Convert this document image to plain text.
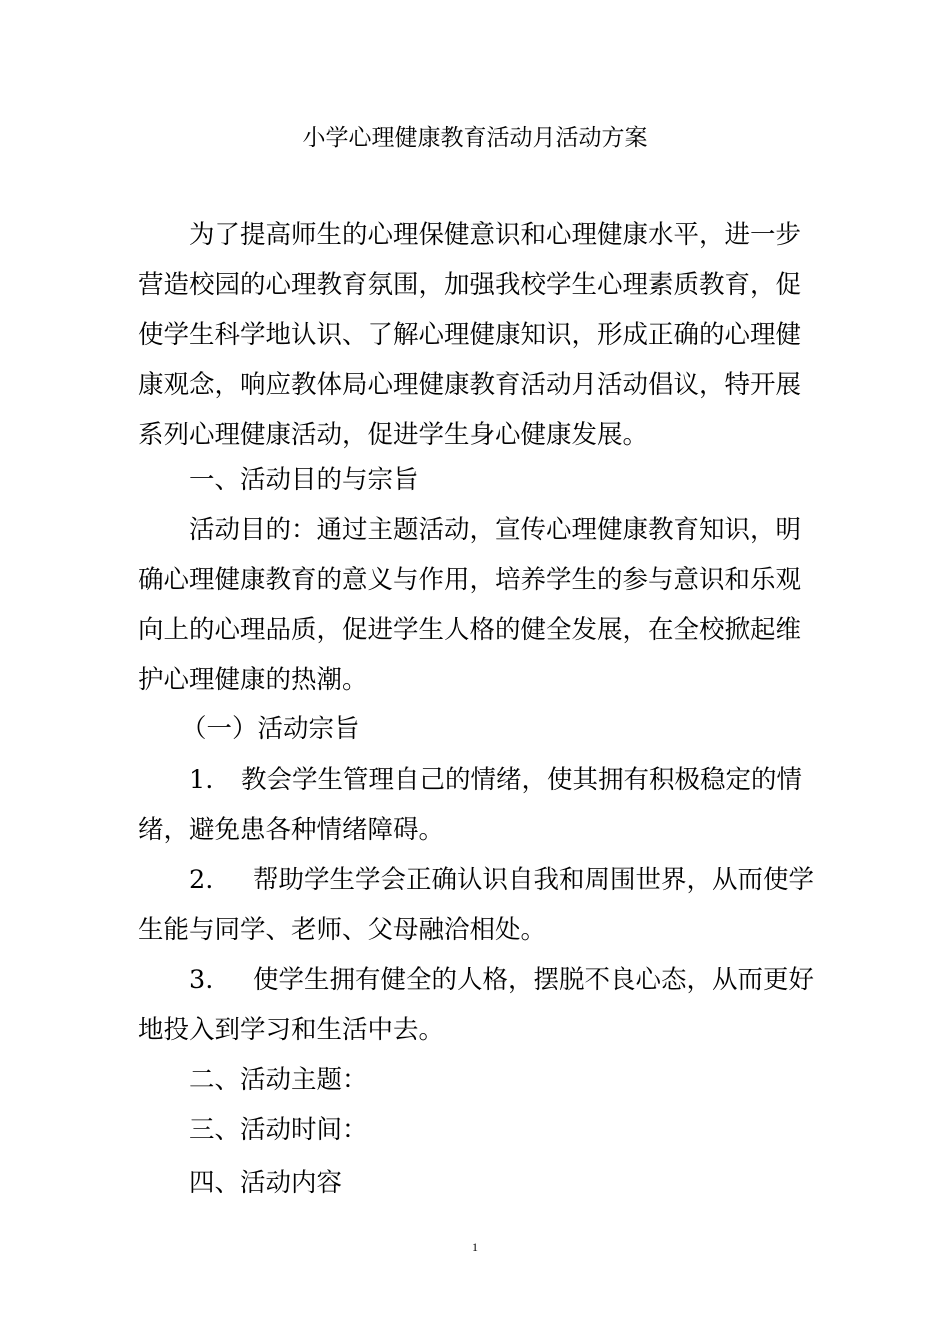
小学心理健康教育活动月活动方案
为了提高师生的心理保健意识和心理健康水平，进一步
营造校园的心理教育氛围，加强我校学生心理素质教育，促
使学生科学地认识、了解心理健康知识，形成正确的心理健
康观念，响应教体局心理健康教育活动月活动倡议，特开展
系列心理健康活动，促进学生身心健康发展。
一、活动目的与宗旨
活动目的：通过主题活动，宣传心理健康教育知识，明
确心理健康教育的意义与作用，培养学生的参与意识和乐观
向上的心理品质，促进学生人格的健全发展，在全校掀起维
护心理健康的热潮。
（一）活动宗旨
1. 教会学生管理自己的情绪，使其拥有积极稳定的情
绪，避免患各种情绪障碍。
2. 帮助学生学会正确认识自我和周围世界，从而使学
生能与同学、老师、父母融洽相处。
3. 使学生拥有健全的人格，摆脱不良心态，从而更好
地投入到学习和生活中去。
二、活动主题：
三、活动时间：
四、活动内容
1
